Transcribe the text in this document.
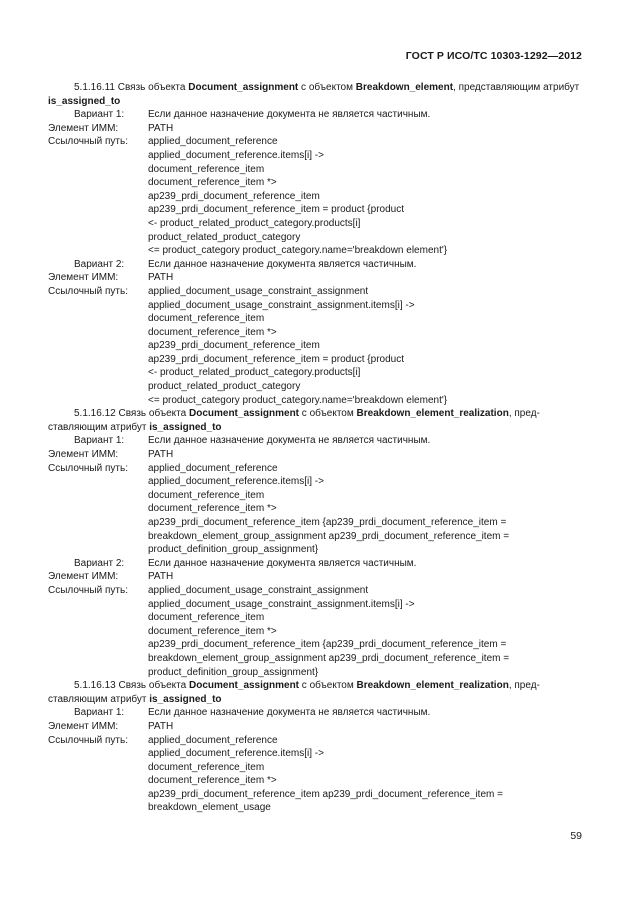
ГОСТ Р ИСО/ТС 10303-1292—2012

5.1.16.11 Связь объекта Document_assignment с объектом Breakdown_element, представляющим атрибут is_assigned_to

Вариант 1:	Если данное назначение документа не является частичным.
Элемент ИММ:	PATH
Ссылочный путь:	applied_document_reference
applied_document_reference.items[i] ->
document_reference_item
document_reference_item *>
ap239_prdi_document_reference_item
ap239_prdi_document_reference_item = product {product
<- product_related_product_category.products[i]
product_related_product_category
<= product_category product_category.name='breakdown element'}
Вариант 2:	Если данное назначение документа является частичным.
Элемент ИММ:	PATH
Ссылочный путь:	applied_document_usage_constraint_assignment
applied_document_usage_constraint_assignment.items[i] ->
document_reference_item
document_reference_item *>
ap239_prdi_document_reference_item
ap239_prdi_document_reference_item = product {product
<- product_related_product_category.products[i]
product_related_product_category
<= product_category product_category.name='breakdown element'}

5.1.16.12 Связь объекта Document_assignment с объектом Breakdown_element_realization, пред-ставляющим атрибут is_assigned_to

Вариант 1:	Если данное назначение документа не является частичным.
Элемент ИММ:	PATH
Ссылочный путь:	applied_document_reference
applied_document_reference.items[i] ->
document_reference_item
document_reference_item *>
ap239_prdi_document_reference_item {ap239_prdi_document_reference_item =
breakdown_element_group_assignment ap239_prdi_document_reference_item =
product_definition_group_assignment}
Вариант 2:	Если данное назначение документа является частичным.
Элемент ИММ:	PATH
Ссылочный путь:	applied_document_usage_constraint_assignment
applied_document_usage_constraint_assignment.items[i] ->
document_reference_item
document_reference_item *>
ap239_prdi_document_reference_item {ap239_prdi_document_reference_item =
breakdown_element_group_assignment ap239_prdi_document_reference_item =
product_definition_group_assignment}

5.1.16.13 Связь объекта Document_assignment с объектом Breakdown_element_realization, пред-ставляющим атрибут is_assigned_to

Вариант 1:	Если данное назначение документа не является частичным.
Элемент ИММ:	PATH
Ссылочный путь:	applied_document_reference
applied_document_reference.items[i] ->
document_reference_item
document_reference_item *>
ap239_prdi_document_reference_item ap239_prdi_document_reference_item =
breakdown_element_usage
59
